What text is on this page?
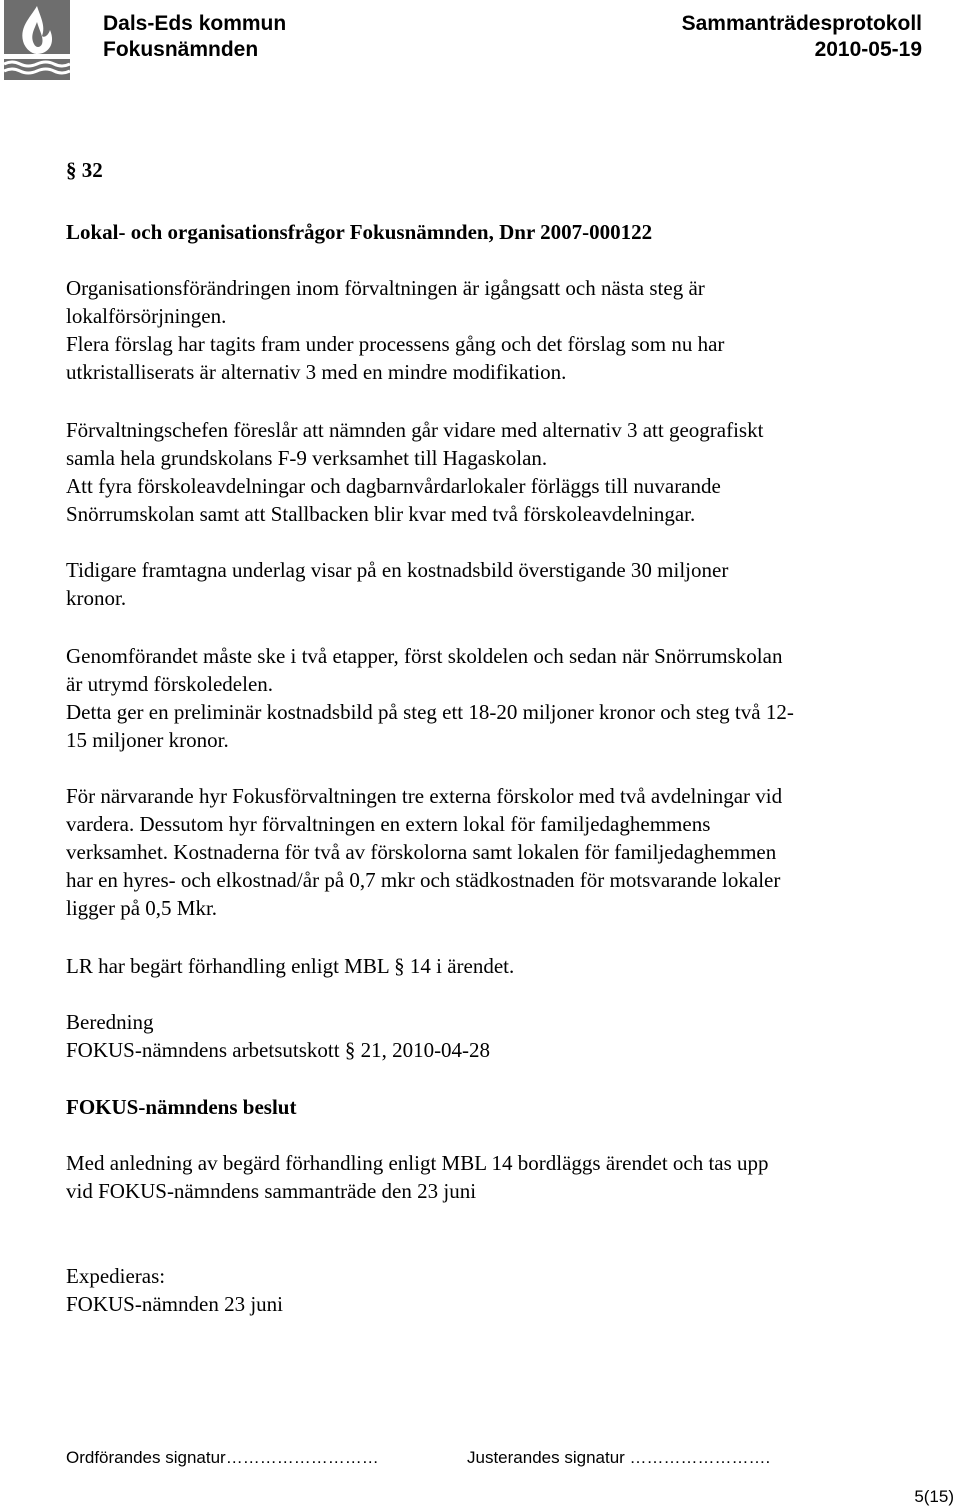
Dals-Eds kommun
Fokusnämnden
Sammanträdesprotokoll
2010-05-19
§ 32
Lokal- och organisationsfrågor Fokusnämnden, Dnr 2007-000122
Organisationsförändringen inom förvaltningen är igångsatt och nästa steg är
lokalförsörjningen.
Flera förslag har tagits fram under processens gång och det förslag som nu har
utkristalliserats är alternativ 3 med en mindre modifikation.
Förvaltningschefen föreslår att nämnden går vidare med alternativ 3 att geografiskt
samla hela grundskolans F-9 verksamhet till Hagaskolan.
Att fyra förskoleavdelningar och dagbarnvårdarlokaler förläggs till nuvarande
Snörrumskolan samt att Stallbacken blir kvar med två förskoleavdelningar.
Tidigare framtagna underlag visar på en kostnadsbild överstigande 30 miljoner
kronor.
Genomförandet måste ske i två etapper, först skoldelen och sedan när Snörrumskolan
är utrymd förskoledelen.
Detta ger en preliminär kostnadsbild på steg ett 18-20 miljoner kronor och steg två 12-
15 miljoner kronor.
För närvarande hyr Fokusförvaltningen tre externa förskolor med två avdelningar vid
vardera. Dessutom hyr förvaltningen en extern lokal för familjedaghemmens
verksamhet. Kostnaderna för två av förskolorna samt lokalen för familjedaghemmen
har en hyres- och elkostnad/år på 0,7 mkr och städkostnaden för motsvarande lokaler
ligger på 0,5 Mkr.
LR har begärt förhandling enligt MBL § 14 i ärendet.
Beredning
FOKUS-nämndens arbetsutskott § 21, 2010-04-28
FOKUS-nämndens beslut
Med anledning av begärd förhandling enligt MBL 14 bordläggs ärendet och tas upp
vid FOKUS-nämndens sammanträde den 23 juni
Expedieras:
FOKUS-nämnden 23 juni
Ordförandes signatur………………………	Justerandes signatur …………………….
5(15)
